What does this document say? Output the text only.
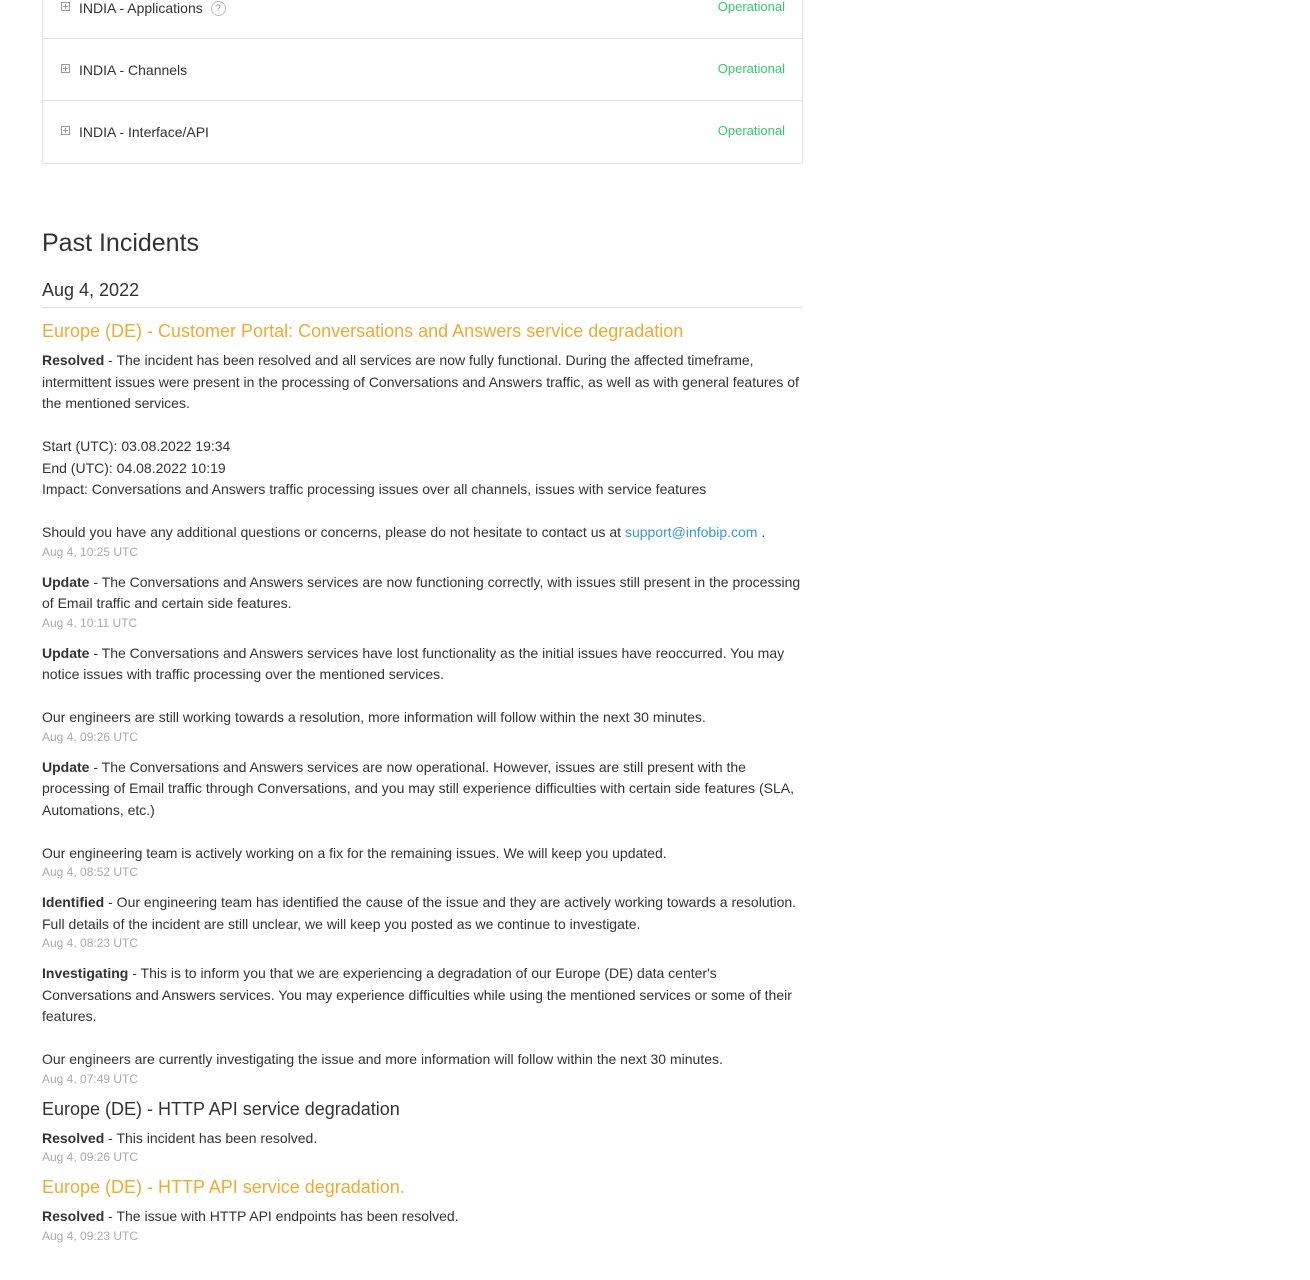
INDIA - Applications ?	Operational
INDIA - Channels	Operational
INDIA - Interface/API	Operational
Past Incidents
Aug 4, 2022
Europe (DE) - Customer Portal: Conversations and Answers service degradation

Resolved - The incident has been resolved and all services are now fully functional. During the affected timeframe, intermittent issues were present in the processing of Conversations and Answers traffic, as well as with general features of the mentioned services.

Start (UTC): 03.08.2022 19:34

End (UTC): 04.08.2022 10:19

Impact: Conversations and Answers traffic processing issues over all channels, issues with service features

Should you have any additional questions or concerns, please do not hesitate to contact us at support@infobip.com .

Aug 4, 10:25 UTC

Update - The Conversations and Answers services are now functioning correctly, with issues still present in the processing of Email traffic and certain side features.

Aug 4, 10:11 UTC

Update - The Conversations and Answers services have lost functionality as the initial issues have reoccurred. You may notice issues with traffic processing over the mentioned services.

Our engineers are still working towards a resolution, more information will follow within the next 30 minutes.

Aug 4, 09:26 UTC

Update - The Conversations and Answers services are now operational. However, issues are still present with the processing of Email traffic through Conversations, and you may still experience difficulties with certain side features (SLA, Automations, etc.)

Our engineering team is actively working on a fix for the remaining issues. We will keep you updated.

Aug 4, 08:52 UTC

Identified - Our engineering team has identified the cause of the issue and they are actively working towards a resolution. Full details of the incident are still unclear, we will keep you posted as we continue to investigate.

Aug 4, 08:23 UTC

Investigating - This is to inform you that we are experiencing a degradation of our Europe (DE) data center's Conversations and Answers services. You may experience difficulties while using the mentioned services or some of their features.

Our engineers are currently investigating the issue and more information will follow within the next 30 minutes.

Aug 4, 07:49 UTC
Europe (DE) - HTTP API service degradation

Resolved - This incident has been resolved.

Aug 4, 09:26 UTC
Europe (DE) - HTTP API service degradation.

Resolved - The issue with HTTP API endpoints has been resolved.

Aug 4, 09:23 UTC
